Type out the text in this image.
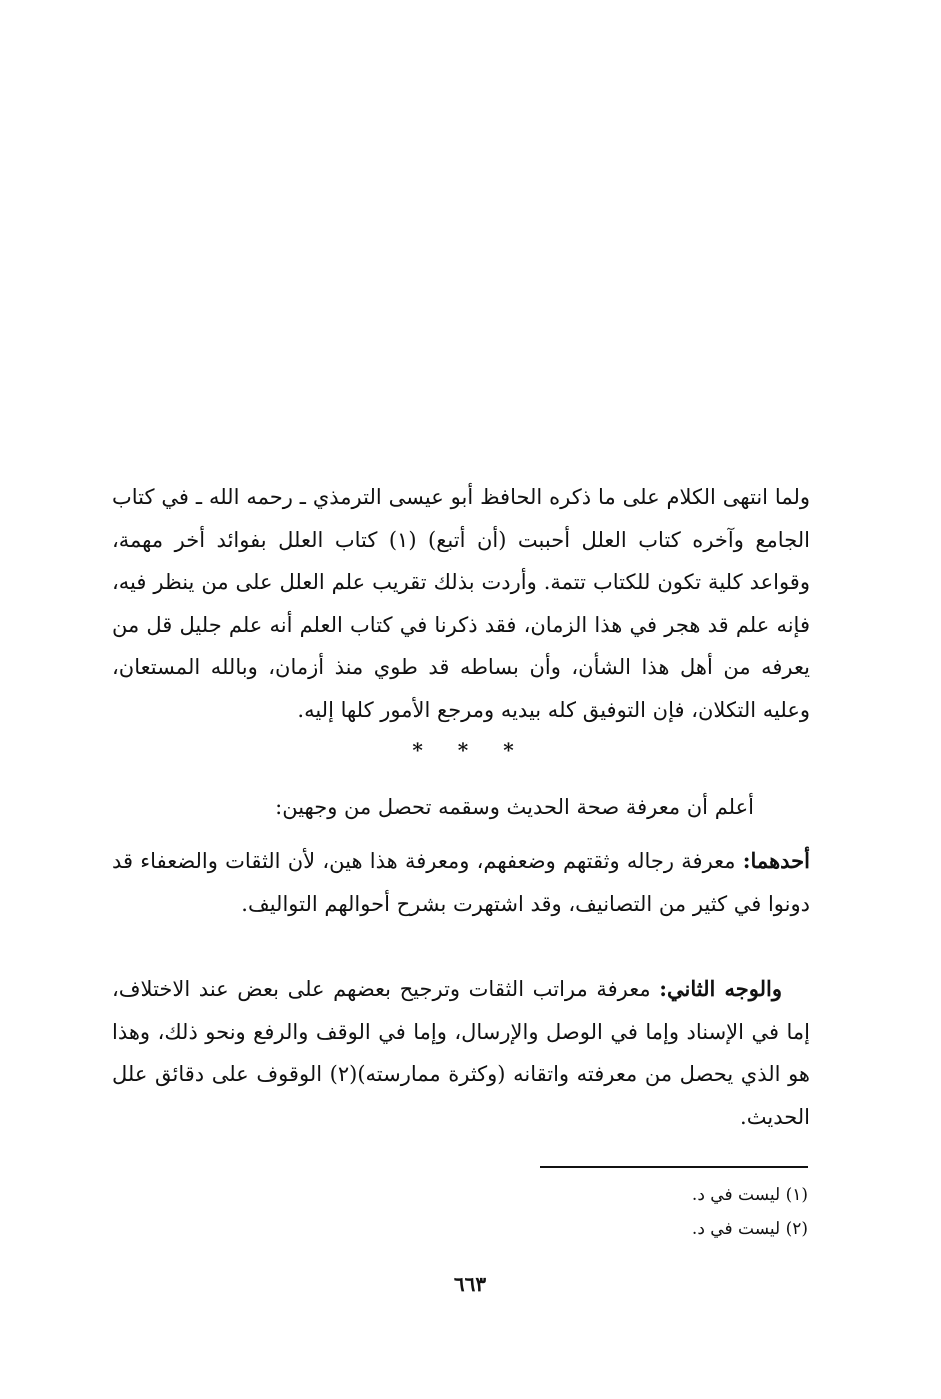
ولما انتهى الكلام على ما ذكره الحافظ أبو عيسى الترمذي ـ رحمه الله ـ في كتاب الجامع وآخره كتاب العلل أحببت (أن أتبع) (١) كتاب العلل بفوائد أخر مهمة، وقواعد كلية تكون للكتاب تتمة. وأردت بذلك تقريب علم العلل على من ينظر فيه، فإنه علم قد هجر في هذا الزمان، فقد ذكرنا في كتاب العلم أنه علم جليل قل من يعرفه من أهل هذا الشأن، وأن بساطه قد طوي منذ أزمان، وبالله المستعان، وعليه التكلان، فإن التوفيق كله بيديه ومرجع الأمور كلها إليه.
* * *
أعلم أن معرفة صحة الحديث وسقمه تحصل من وجهين:
أحدهما: معرفة رجاله وثقتهم وضعفهم، ومعرفة هذا هين، لأن الثقات والضعفاء قد دونوا في كثير من التصانيف، وقد اشتهرت بشرح أحوالهم التواليف.
والوجه الثاني: معرفة مراتب الثقات وترجيح بعضهم على بعض عند الاختلاف، إما في الإسناد وإما في الوصل والإرسال، وإما في الوقف والرفع ونحو ذلك، وهذا هو الذي يحصل من معرفته واتقانه (وكثرة ممارسته)(٢) الوقوف على دقائق علل الحديث.
(١) ليست في د.
(٢) ليست في د.
٦٦٣
